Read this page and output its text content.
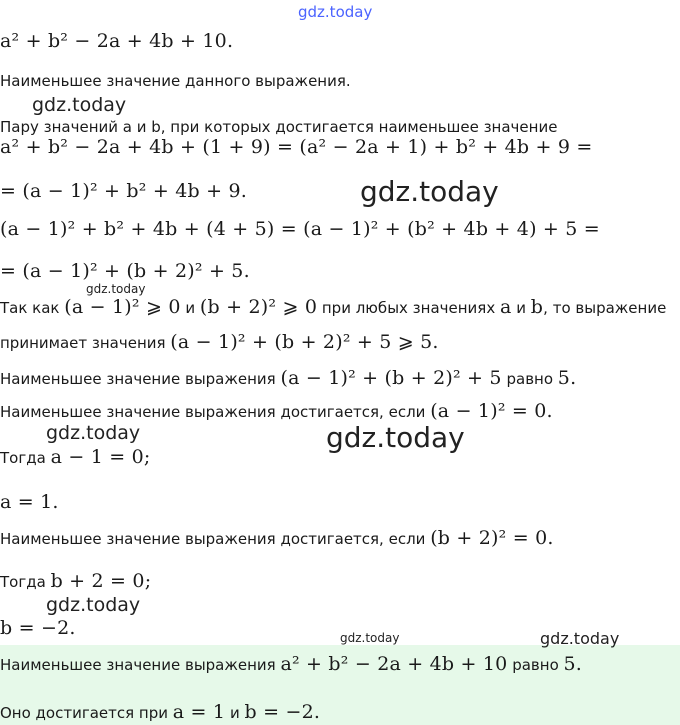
gdz.today
gdz.today
gdz.today
gdz.today
gdz.today	gdz.today
gdz.today
gdz.today	gdz.today
a² + b² − 2a + 4b + 10.
Наименьшее значение данного выражения.
Пару значений a и b, при которых достигается наименьшее значение
a² + b² − 2a + 4b + (1 + 9) = (a² − 2a + 1) + b² + 4b + 9 =
= (a − 1)² + b² + 4b + 9.
(a − 1)² + b² + 4b + (4 + 5) = (a − 1)² + (b² + 4b + 4) + 5 =
= (a − 1)² + (b + 2)² + 5.
Так как (a − 1)² ⩾ 0 и (b + 2)² ⩾ 0 при любых значениях a и b, то выражение
принимает значения (a − 1)² + (b + 2)² + 5 ⩾ 5.
Наименьшее значение выражения (a − 1)² + (b + 2)² + 5 равно 5.
Наименьшее значение выражения достигается, если (a − 1)² = 0.
Тогда a − 1 = 0;
a = 1.
Наименьшее значение выражения достигается, если (b + 2)² = 0.
Тогда b + 2 = 0;
b = −2.
Наименьшее значение выражения a² + b² − 2a + 4b + 10 равно 5.
Оно достигается при a = 1 и b = −2.
